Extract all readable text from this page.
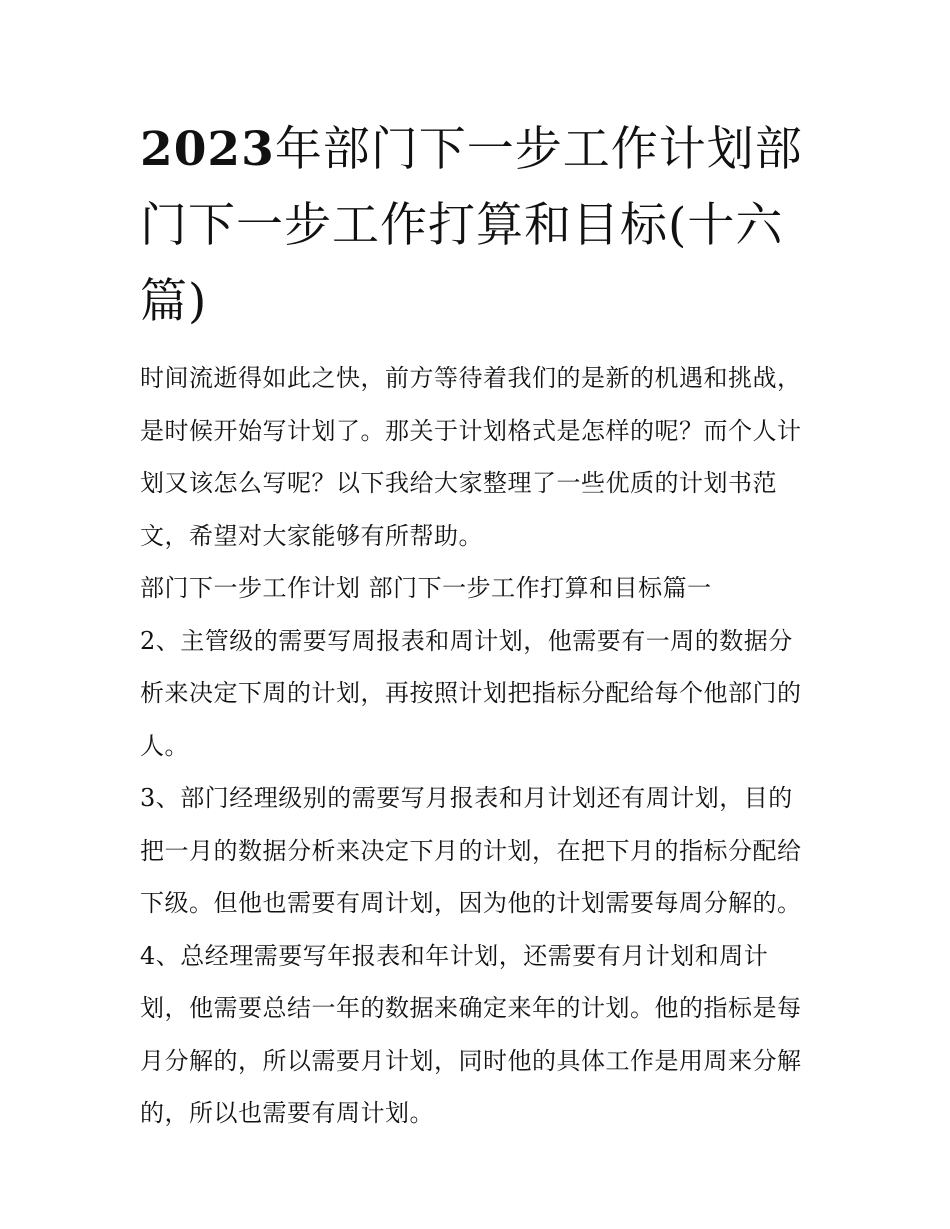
2023年部门下一步工作计划部门下一步工作打算和目标(十六篇)

时间流逝得如此之快，前方等待着我们的是新的机遇和挑战，是时候开始写计划了。那关于计划格式是怎样的呢？而个人计划又该怎么写呢？以下我给大家整理了一些优质的计划书范文，希望对大家能够有所帮助。

部门下一步工作计划 部门下一步工作打算和目标篇一

2、主管级的需要写周报表和周计划，他需要有一周的数据分析来决定下周的计划，再按照计划把指标分配给每个他部门的人。

3、部门经理级别的需要写月报表和月计划还有周计划，目的把一月的数据分析来决定下月的计划，在把下月的指标分配给下级。但他也需要有周计划，因为他的计划需要每周分解的。

4、总经理需要写年报表和年计划，还需要有月计划和周计划，他需要总结一年的数据来确定来年的计划。他的指标是每月分解的，所以需要月计划，同时他的具体工作是用周来分解的，所以也需要有周计划。
